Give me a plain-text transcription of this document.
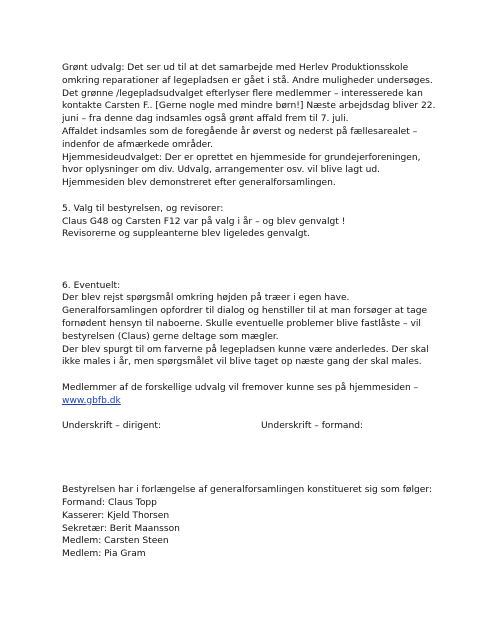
Grønt udvalg: Det ser ud til at det samarbejde med Herlev Produktionsskole
omkring reparationer af legepladsen er gået i stå. Andre muligheder undersøges.
Det grønne /legepladsudvalget efterlyser flere medlemmer – interesserede kan
kontakte Carsten F.. [Gerne nogle med mindre børn!] Næste arbejdsdag bliver 22.
juni – fra denne dag indsamles også grønt affald frem til 7. juli.
Affaldet indsamles som de foregående år øverst og nederst på fællesarealet –
indenfor de afmærkede områder.
Hjemmesideudvalget: Der er oprettet en hjemmeside for grundejerforeningen,
hvor oplysninger om div. Udvalg, arrangementer osv. vil blive lagt ud.
Hjemmesiden blev demonstreret efter generalforsamlingen.
5. Valg til bestyrelsen, og revisorer:
Claus G48 og Carsten F12 var på valg i år – og blev genvalgt !
Revisorerne og suppleanterne blev ligeledes genvalgt.
6. Eventuelt:
Der blev rejst spørgsmål omkring højden på træer i egen have.
Generalforsamlingen opfordrer til dialog og henstiller til at man forsøger at tage
fornødent hensyn til naboerne. Skulle eventuelle problemer blive fastlåste – vil
bestyrelsen (Claus) gerne deltage som mægler.
Der blev spurgt til om farverne på legepladsen kunne være anderledes. Der skal
ikke males i år, men spørgsmålet vil blive taget op næste gang der skal males.
Medlemmer af de forskellige udvalg vil fremover kunne ses på hjemmesiden –
www.gbfb.dk
Underskrift – dirigent:	Underskrift – formand:
Bestyrelsen har i forlængelse af generalforsamlingen konstitueret sig som følger:
Formand: Claus Topp
Kasserer: Kjeld Thorsen
Sekretær: Berit Maansson
Medlem: Carsten Steen
Medlem: Pia Gram
